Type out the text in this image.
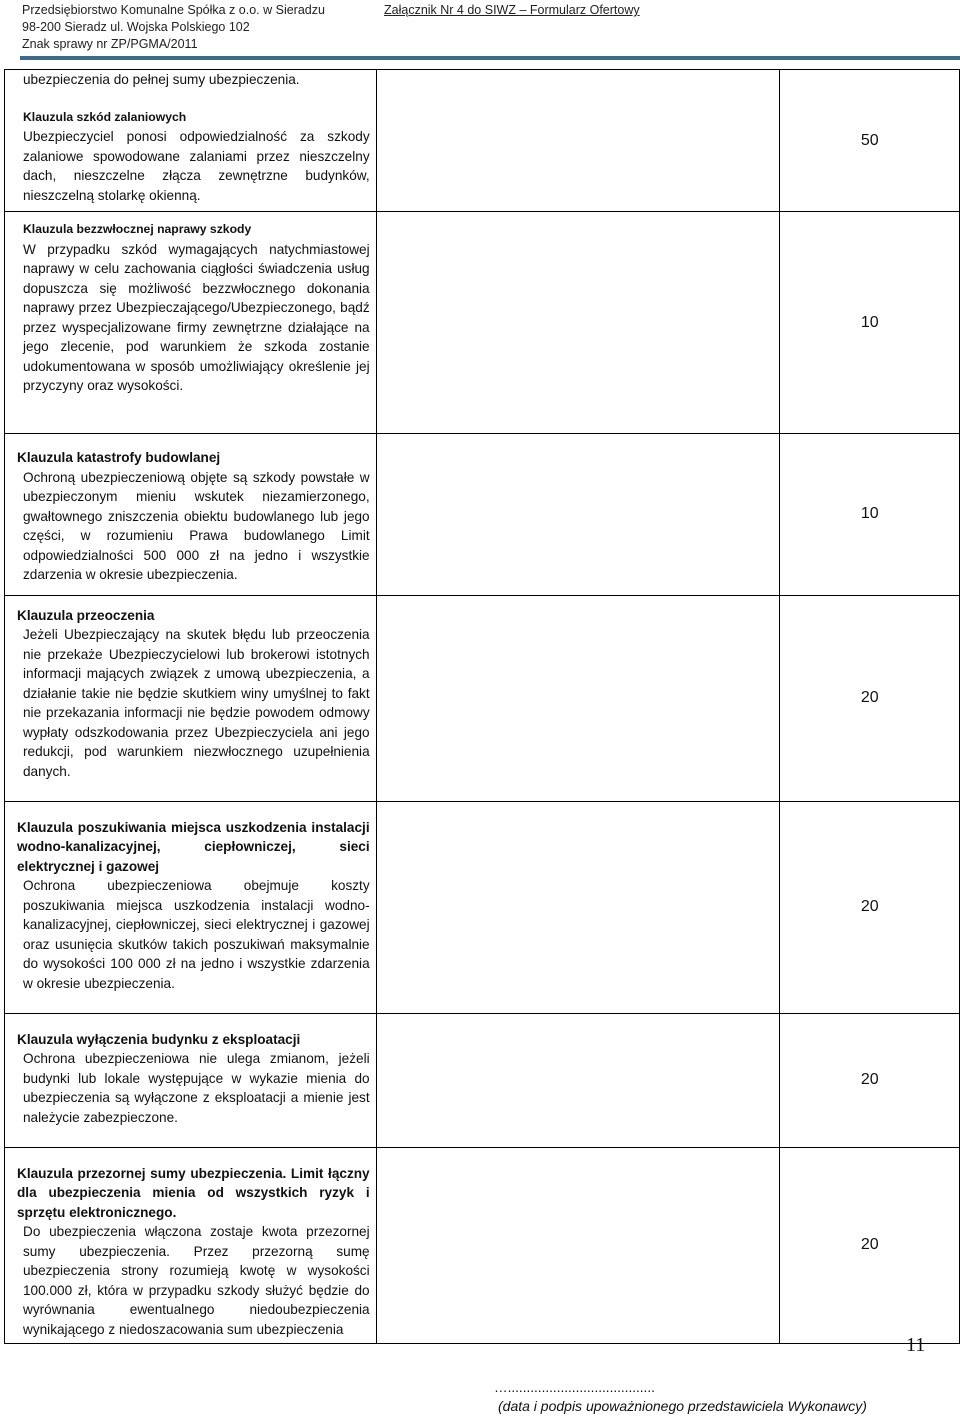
Przedsiębiorstwo Komunalne Spółka z o.o. w Sieradzu
98-200 Sieradz ul. Wojska Polskiego 102
Znak sprawy nr ZP/PGMA/2011
Załącznik Nr 4 do SIWZ – Formularz Ofertowy

ubezpieczenia do pełnej sumy ubezpieczenia.

Klauzula szkód zalaniowych

Ubezpieczyciel ponosi odpowiedzialność za szkody zalaniowe spowodowane zalaniami przez nieszczelny dach, nieszczelne złącza zewnętrzne budynków, nieszczelną stolarkę okienną.		50

Klauzula bezzwłocznej naprawy szkody

W przypadku szkód wymagających natychmiastowej naprawy w celu zachowania ciągłości świadczenia usług dopuszcza się możliwość bezzwłocznego dokonania naprawy przez Ubezpieczającego/Ubezpieczonego, bądź przez wyspecjalizowane firmy zewnętrzne działające na jego zlecenie, pod warunkiem że szkoda zostanie udokumentowana w sposób umożliwiający określenie jej przyczyny oraz wysokości.		10

Klauzula katastrofy budowlanej

Ochroną ubezpieczeniową objęte są szkody powstałe w ubezpieczonym mieniu wskutek niezamierzonego, gwałtownego zniszczenia obiektu budowlanego lub jego części, w rozumieniu Prawa budowlanego Limit odpowiedzialności 500 000 zł na jedno i wszystkie zdarzenia w okresie ubezpieczenia.		10

Klauzula przeoczenia

Jeżeli Ubezpieczający na skutek błędu lub przeoczenia nie przekaże Ubezpieczycielowi lub brokerowi istotnych informacji mających związek z umową ubezpieczenia, a działanie takie nie będzie skutkiem winy umyślnej to fakt nie przekazania informacji nie będzie powodem odmowy wypłaty odszkodowania przez Ubezpieczyciela ani jego redukcji, pod warunkiem niezwłocznego uzupełnienia danych.		20

Klauzula poszukiwania miejsca uszkodzenia instalacji wodno-kanalizacyjnej, ciepłowniczej, sieci elektrycznej i gazowej

Ochrona ubezpieczeniowa obejmuje koszty poszukiwania miejsca uszkodzenia instalacji wodno-kanalizacyjnej, ciepłowniczej, sieci elektrycznej i gazowej oraz usunięcia skutków takich poszukiwań maksymalnie do wysokości 100 000 zł na jedno i wszystkie zdarzenia w okresie ubezpieczenia.		20

Klauzula wyłączenia budynku z eksploatacji

Ochrona ubezpieczeniowa nie ulega zmianom, jeżeli budynki lub lokale występujące w wykazie mienia do ubezpieczenia są wyłączone z eksploatacji a mienie jest należycie zabezpieczone.		20

Klauzula przezornej sumy ubezpieczenia. Limit łączny dla ubezpieczenia mienia od wszystkich ryzyk i sprzętu elektronicznego.

Do ubezpieczenia włączona zostaje kwota przezornej sumy ubezpieczenia. Przez przezorną sumę ubezpieczenia strony rozumieją kwotę w wysokości 100.000 zł, która w przypadku szkody służyć będzie do wyrównania ewentualnego niedoubezpieczenia wynikającego z niedoszacowania sum ubezpieczenia		20
11
….......................................
(data i podpis upoważnionego przedstawiciela Wykonawcy)
